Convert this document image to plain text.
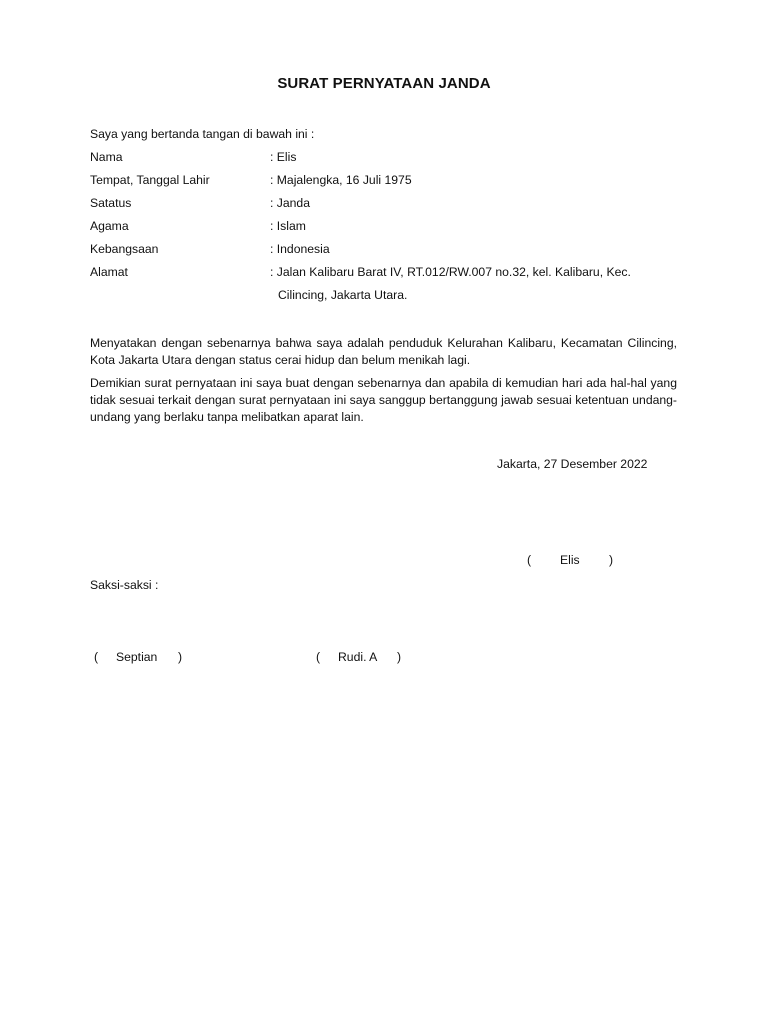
SURAT PERNYATAAN JANDA
Saya yang bertanda tangan di bawah ini :
Nama	: Elis
Tempat, Tanggal Lahir	: Majalengka, 16 Juli 1975
Satatus	: Janda
Agama	: Islam
Kebangsaan	: Indonesia
Alamat	: Jalan Kalibaru Barat IV, RT.012/RW.007 no.32, kel. Kalibaru, Kec.
Cilincing, Jakarta Utara.
Menyatakan dengan sebenarnya bahwa saya adalah penduduk Kelurahan Kalibaru, Kecamatan Cilincing, Kota Jakarta Utara dengan status cerai hidup dan belum menikah lagi.
Demikian surat pernyataan ini saya buat dengan sebenarnya dan apabila di kemudian hari ada hal-hal yang tidak sesuai terkait dengan surat pernyataan ini saya sanggup bertanggung jawab sesuai ketentuan undang-undang yang berlaku tanpa melibatkan aparat lain.
Jakarta, 27 Desember 2022
( Elis )
Saksi-saksi :
( Septian )	( Rudi. A )
